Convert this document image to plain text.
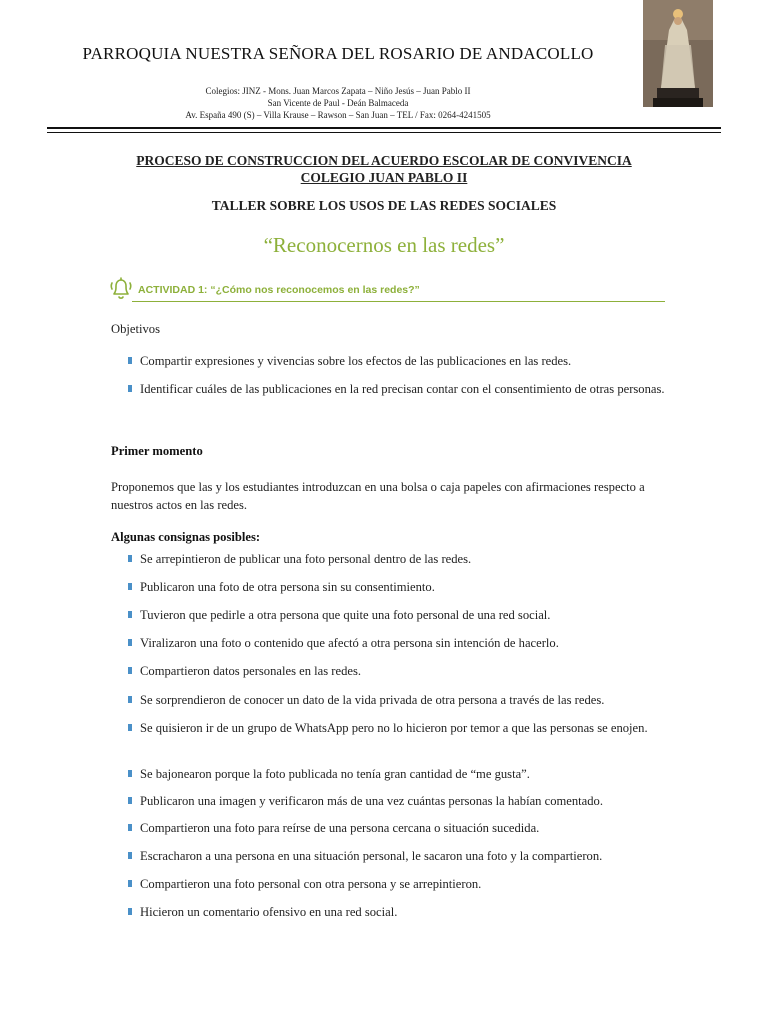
PARROQUIA NUESTRA SEÑORA DEL ROSARIO DE ANDACOLLO
Colegios: JINZ - Mons. Juan Marcos Zapata – Niño Jesús – Juan Pablo II
San Vicente de Paul - Deán Balmaceda
Av. España 490 (S) – Villa Krause – Rawson – San Juan – TEL / Fax: 0264-4241505
PROCESO DE CONSTRUCCION DEL ACUERDO ESCOLAR DE CONVIVENCIA
COLEGIO JUAN PABLO II
TALLER SOBRE LOS USOS DE LAS REDES SOCIALES
“Reconocernos en las redes”
ACTIVIDAD 1: “¿Cómo nos reconocemos en las redes?”
Objetivos
Compartir expresiones y vivencias sobre los efectos de las publicaciones en las redes.
Identificar cuáles de las publicaciones en la red precisan contar con el consentimiento de otras personas.
Primer momento
Proponemos que las y los estudiantes introduzcan en una bolsa o caja papeles con afirmaciones respecto a nuestros actos en las redes.
Algunas consignas posibles:
Se arrepintieron de publicar una foto personal dentro de las redes.
Publicaron una foto de otra persona sin su consentimiento.
Tuvieron que pedirle a otra persona que quite una foto personal de una red social.
Viralizaron una foto o contenido que afectó a otra persona sin intención de hacerlo.
Compartieron datos personales en las redes.
Se sorprendieron de conocer un dato de la vida privada de otra persona a través de las redes.
Se quisieron ir de un grupo de WhatsApp pero no lo hicieron por temor a que las personas se enojen.
Se bajonearon porque la foto publicada no tenía gran cantidad de “me gusta”.
Publicaron una imagen y verificaron más de una vez cuántas personas la habían comentado.
Compartieron una foto para reírse de una persona cercana o situación sucedida.
Escracharon a una persona en una situación personal, le sacaron una foto y la compartieron.
Compartieron una foto personal con otra persona y se arrepintieron.
Hicieron un comentario ofensivo en una red social.
